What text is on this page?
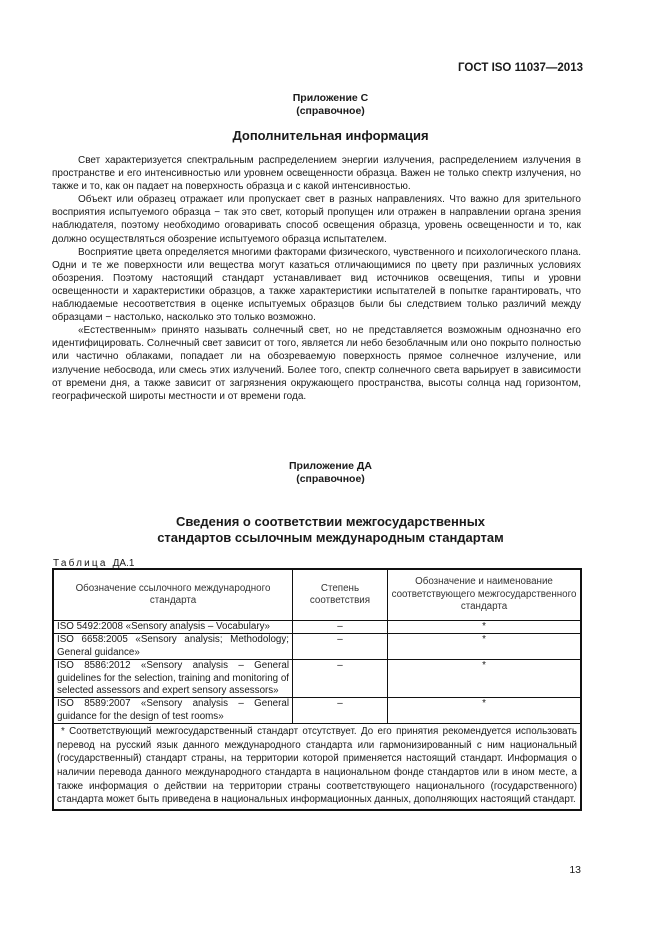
ГОСТ ISO 11037—2013
Приложение С
(справочное)
Дополнительная информация

Свет характеризуется спектральным распределением энергии излучения, распределением излучения в пространстве и его интенсивностью или уровнем освещенности образца. Важен не только спектр излучения, но также и то, как он падает на поверхность образца и с какой интенсивностью.

Объект или образец отражает или пропускает свет в разных направлениях. Что важно для зрительного восприятия испытуемого образца − так это свет, который пропущен или отражен в направлении органа зрения наблюдателя, поэтому необходимо оговаривать способ освещения образца, уровень освещенности и то, как должно осуществляться обозрение испытуемого образца испытателем.

Восприятие цвета определяется многими факторами физического, чувственного и психологического плана. Одни и те же поверхности или вещества могут казаться отличающимися по цвету при различных условиях обозрения. Поэтому настоящий стандарт устанавливает вид источников освещения, типы и уровни освещенности и характеристики образцов, а также характеристики испытателей в попытке гарантировать, что наблюдаемые несоответствия в оценке испытуемых образцов были бы следствием только различий между образцами − настолько, насколько это только возможно.

«Естественным» принято называть солнечный свет, но не представляется возможным однозначно его идентифицировать. Солнечный свет зависит от того, является ли небо безоблачным или оно покрыто полностью или частично облаками, попадает ли на обозреваемую поверхность прямое солнечное излучение, или излучение небосвода, или смесь этих излучений. Более того, спектр солнечного света варьирует в зависимости от времени дня, а также зависит от загрязнения окружающего пространства, высоты солнца над горизонтом, географической широты местности и от времени года.

Приложение ДА
(справочное)
Сведения о соответствии межгосударственных
стандартов ссылочным международным стандартам
Таблица ДА.1
Обозначение ссылочного международного стандарта	Степень соответствия	Обозначение и наименование соответствующего межгосударственного стандарта
ISO 5492:2008 «Sensory analysis – Vocabulary»	–	*
ISO 6658:2005 «Sensory analysis; Methodology; General guidance»	–	*
ISO 8586:2012 «Sensory analysis – General guidelines for the selection, training and monitoring of selected assessors and expert sensory assessors»	–	*
ISO 8589:2007 «Sensory analysis – General guidance for the design of test rooms»	–	*
* Соответствующий межгосударственный стандарт отсутствует. До его принятия рекомендуется использовать перевод на русский язык данного международного стандарта или гармонизированный с ним национальный (государственный) стандарт страны, на территории которой применяется настоящий стандарт. Информация о наличии перевода данного международного стандарта в национальном фонде стандартов или в ином месте, а также информация о действии на территории страны соответствующего национального (государственного) стандарта может быть приведена в национальных информационных данных, дополняющих настоящий стандарт.		
13
